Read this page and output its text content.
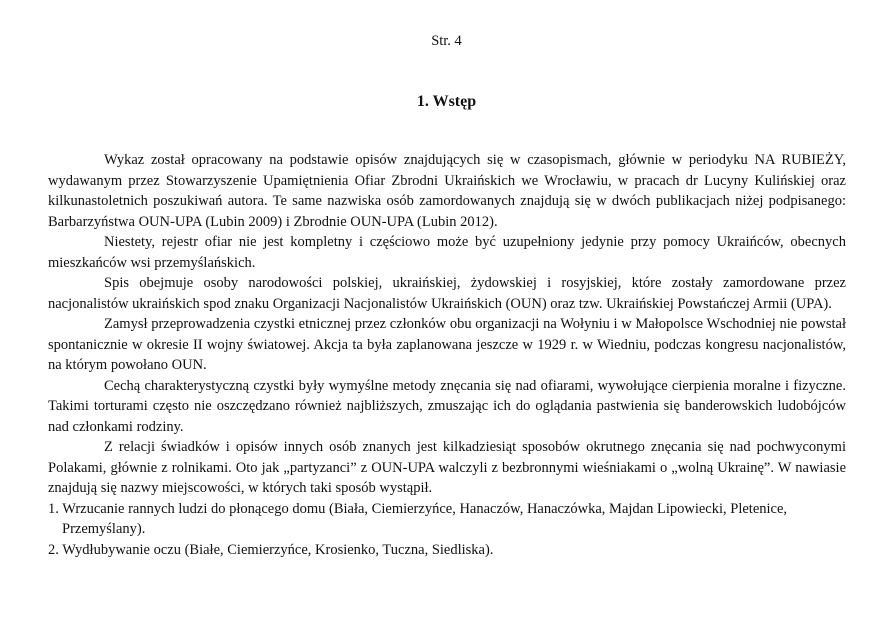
Str. 4
1. Wstęp

Wykaz został opracowany na podstawie opisów znajdujących się w czasopismach, głównie w periodyku NA RUBIEŻY, wydawanym przez Stowarzyszenie Upamiętnienia Ofiar Zbrodni Ukraińskich we Wrocławiu, w pracach dr Lucyny Kulińskiej oraz kilkunastoletnich poszukiwań autora. Te same nazwiska osób zamordowanych znajdują się w dwóch publikacjach niżej podpisanego: Barbarzyństwa OUN-UPA (Lubin 2009) i Zbrodnie OUN-UPA (Lubin 2012).

Niestety, rejestr ofiar nie jest kompletny i częściowo może być uzupełniony jedynie przy pomocy Ukraińców, obecnych mieszkańców wsi przemyślańskich.

Spis obejmuje osoby narodowości polskiej, ukraińskiej, żydowskiej i rosyjskiej, które zostały zamordowane przez nacjonalistów ukraińskich spod znaku Organizacji Nacjonalistów Ukraińskich (OUN) oraz tzw. Ukraińskiej Powstańczej Armii (UPA).

Zamysł przeprowadzenia czystki etnicznej przez członków obu organizacji na Wołyniu i w Małopolsce Wschodniej nie powstał spontanicznie w okresie II wojny światowej. Akcja ta była zaplanowana jeszcze w 1929 r. w Wiedniu, podczas kongresu nacjonalistów, na którym powołano OUN.

Cechą charakterystyczną czystki były wymyślne metody znęcania się nad ofiarami, wywołujące cierpienia moralne i fizyczne. Takimi torturami często nie oszczędzano również najbliższych, zmuszając ich do oglądania pastwienia się banderowskich ludobójców nad członkami rodziny.

Z relacji świadków i opisów innych osób znanych jest kilkadziesiąt sposobów okrutnego znęcania się nad pochwyconymi Polakami, głównie z rolnikami. Oto jak „partyzanci” z OUN-UPA walczyli z bezbronnymi wieśniakami o „wolną Ukrainę”. W nawiasie znajdują się nazwy miejscowości, w których taki sposób wystąpił.

1. Wrzucanie rannych ludzi do płonącego domu (Biała, Ciemierzyńce, Hanaczów, Hanaczówka, Majdan Lipowiecki, Pletenice, Przemyślany).
2. Wydłubywanie oczu (Białe, Ciemierzyńce, Krosienko, Tuczna, Siedliska).
